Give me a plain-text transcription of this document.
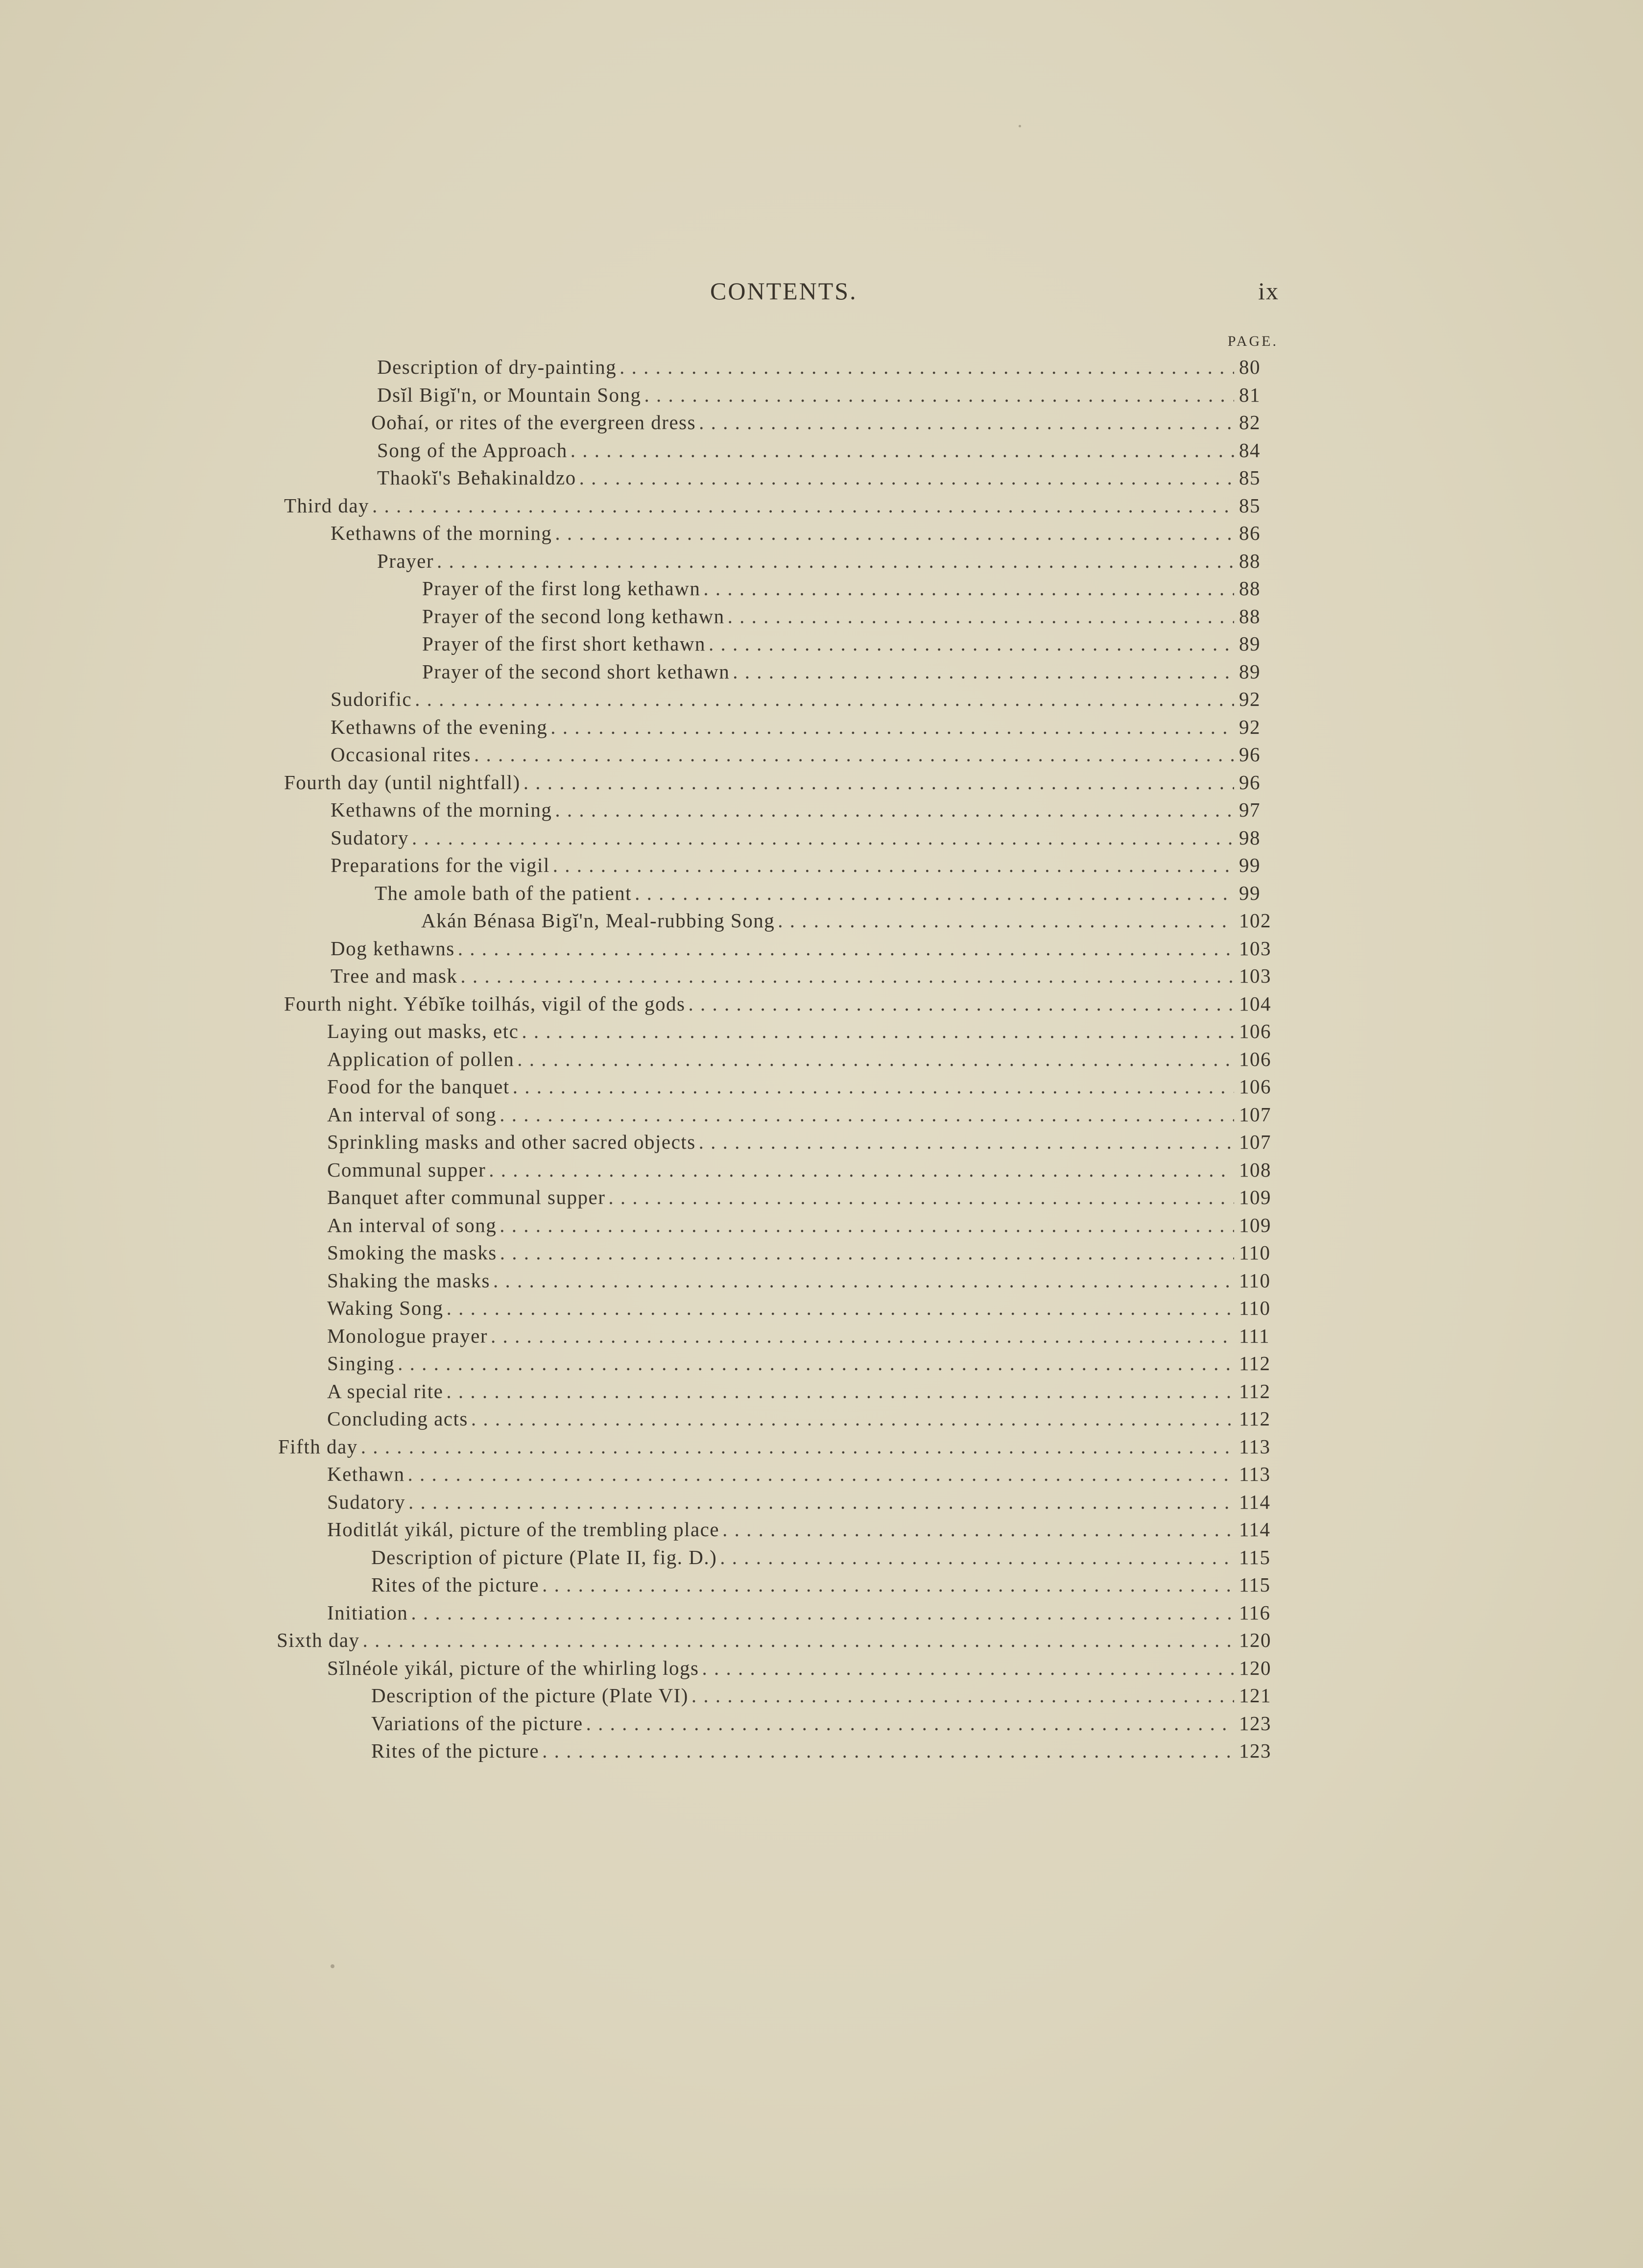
CONTENTS.	ix
PAGE.
Description of dry-painting . . .	80
Dsĭl Bigĭ'n, or Mountain Song . . .	81
Ooħaí, or rites of the evergreen dress . . .	82
Song of the Approach . . .	84
Thaokĭ's Beħakinaldzo . . .	85
Third day . . .	85
Kethawns of the morning . . .	86
Prayer . . .	88
Prayer of the first long kethawn . . .	88
Prayer of the second long kethawn . . .	88
Prayer of the first short kethawn . . .	89
Prayer of the second short kethawn . . .	89
Sudorific . . .	92
Kethawns of the evening . . .	92
Occasional rites . . .	96
Fourth day (until nightfall) . . .	96
Kethawns of the morning . . .	97
Sudatory . . .	98
Preparations for the vigil . . .	99
The amole bath of the patient . . .	99
Akán Bénasa Bigĭ'n, Meal-rubbing Song . . .	102
Dog kethawns . . .	103
Tree and mask . . .	103
Fourth night. Yébĭke toilhás, vigil of the gods . . .	104
Laying out masks, etc . . .	106
Application of pollen . . .	106
Food for the banquet . . .	106
An interval of song . . .	107
Sprinkling masks and other sacred objects . . .	107
Communal supper . . .	108
Banquet after communal supper . . .	109
An interval of song . . .	109
Smoking the masks . . .	110
Shaking the masks . . .	110
Waking Song . . .	110
Monologue prayer . . .	111
Singing . . .	112
A special rite . . .	112
Concluding acts . . .	112
Fifth day . . .	113
Kethawn . . .	113
Sudatory . . .	114
Hoditlát yikál, picture of the trembling place . . .	114
Description of picture (Plate II, fig. D.) . . .	115
Rites of the picture . . .	115
Initiation . . .	116
Sixth day . . .	120
Sĭlnéole yikál, picture of the whirling logs . . .	120
Description of the picture (Plate VI) . . .	121
Variations of the picture . . .	123
Rites of the picture . . .	123
